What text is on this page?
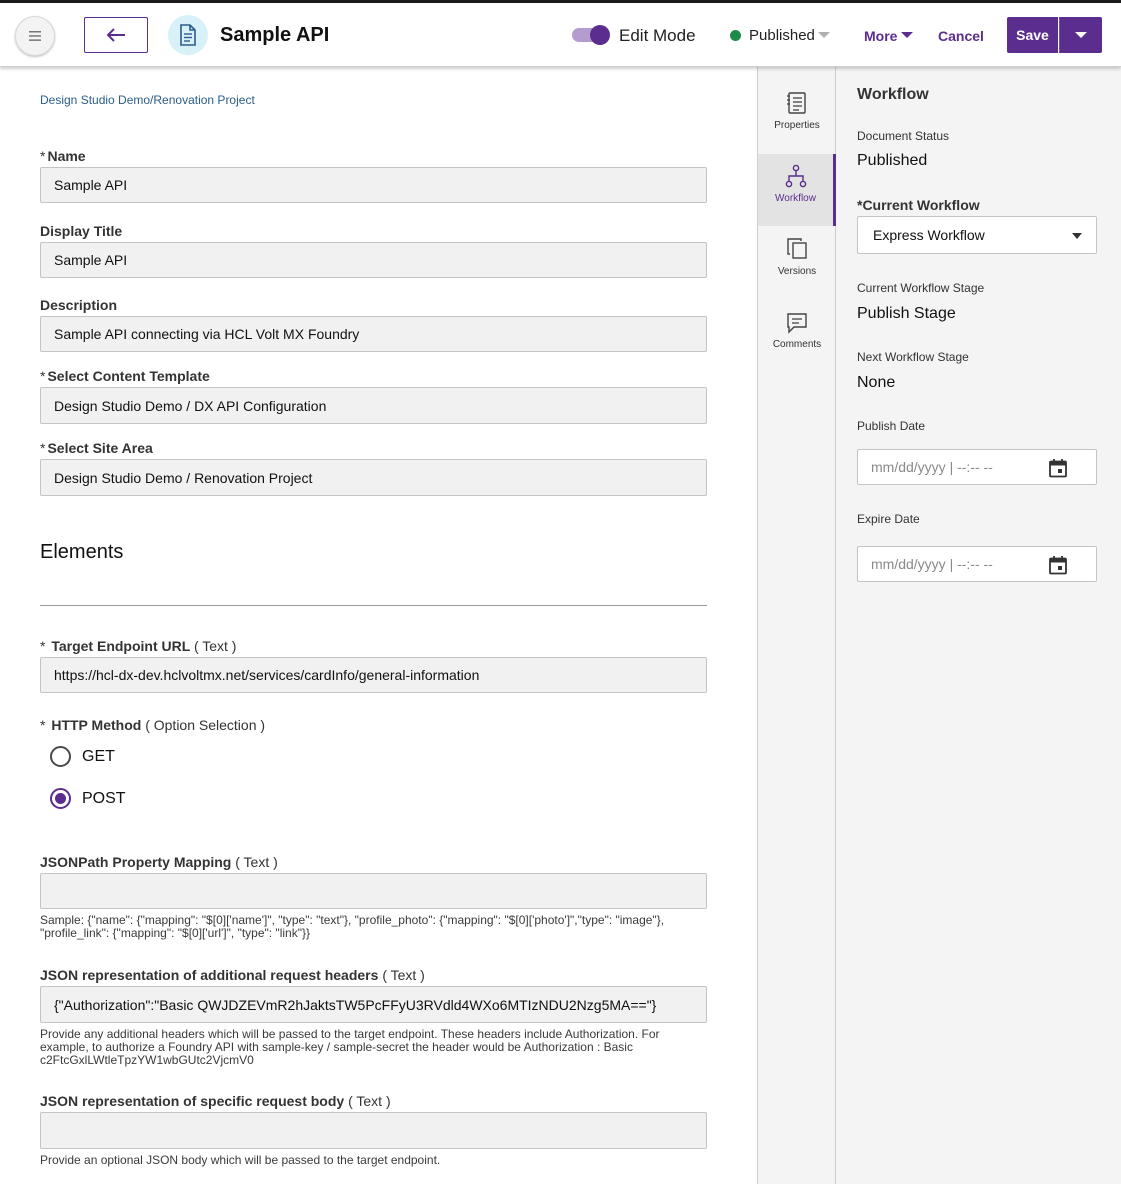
Sample API	Edit Mode	Published	More	Cancel	Save
Design Studio Demo/Renovation Project
* Name
Sample API
Display Title
Sample API
Description
Sample API connecting via HCL Volt MX Foundry
* Select Content Template
Design Studio Demo / DX API Configuration
* Select Site Area
Design Studio Demo / Renovation Project
Elements
* Target Endpoint URL ( Text )
https://hcl-dx-dev.hclvoltmx.net/services/cardInfo/general-information
* HTTP Method ( Option Selection )
GET
POST
JSONPath Property Mapping ( Text )
Sample: {"name": {"mapping": "$[0]['name']", "type": "text"}, "profile_photo": {"mapping": "$[0]['photo']","type": "image"}, "profile_link": {"mapping": "$[0]['url']", "type": "link"}}
JSON representation of additional request headers ( Text )
{"Authorization":"Basic QWJDZEVmR2hJaktsTW5PcFFyU3RVdld4WXo6MTIzNDU2Nzg5MA=="}
Provide any additional headers which will be passed to the target endpoint. These headers include Authorization. For example, to authorize a Foundry API with sample-key / sample-secret the header would be Authorization : Basic c2FtcGxlLWtleTpzYW1wbGUtc2VjcmV0
JSON representation of specific request body ( Text )
Provide an optional JSON body which will be passed to the target endpoint.
Properties
Workflow
Versions
Comments
Workflow
Document Status
Published
*Current Workflow
Express Workflow
Current Workflow Stage
Publish Stage
Next Workflow Stage
None
Publish Date
mm/dd/yyyy | --:-- --
Expire Date
mm/dd/yyyy | --:-- --
